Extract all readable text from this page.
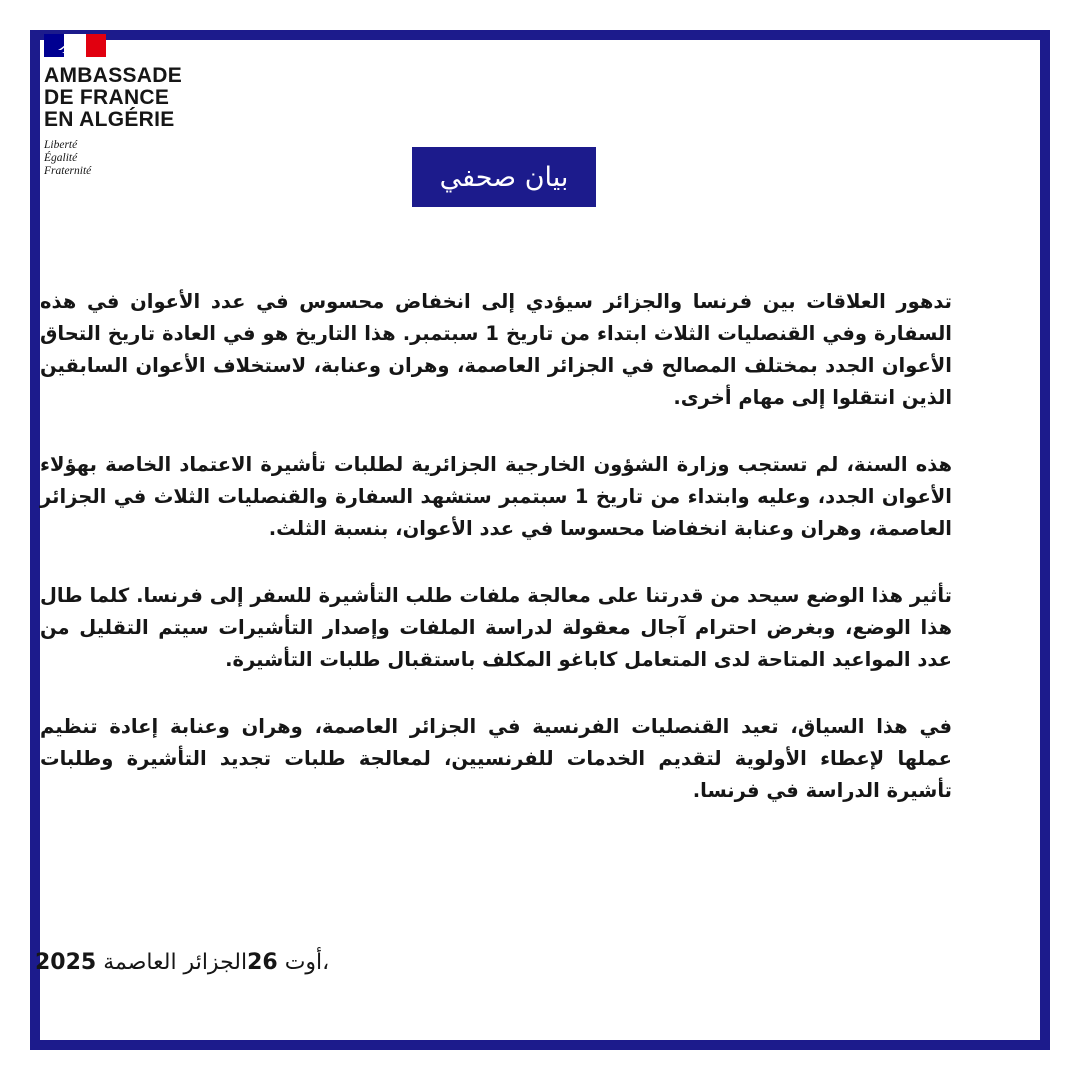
AMBASSADE
DE FRANCE
EN ALGÉRIE
Liberté
Égalité
Fraternité	بيان صحفي

تدهور العلاقات بين فرنسا والجزائر سيؤدي إلى انخفاض محسوس في عدد الأعوان في هذه السفارة وفي القنصليات الثلاث ابتداء من تاريخ 1 سبتمبر. هذا التاريخ هو في العادة تاريخ التحاق الأعوان الجدد بمختلف المصالح في الجزائر العاصمة، وهران وعنابة، لاستخلاف الأعوان السابقين الذين انتقلوا إلى مهام أخرى.

هذه السنة، لم تستجب وزارة الشؤون الخارجية الجزائرية لطلبات تأشيرة الاعتماد الخاصة بهؤلاء الأعوان الجدد، وعليه وابتداء من تاريخ 1 سبتمبر ستشهد السفارة والقنصليات الثلاث في الجزائر العاصمة، وهران وعنابة انخفاضا محسوسا في عدد الأعوان، بنسبة الثلث.

تأثير هذا الوضع سيحد من قدرتنا على معالجة ملفات طلب التأشيرة للسفر إلى فرنسا. كلما طال هذا الوضع، وبغرض احترام آجال معقولة لدراسة الملفات وإصدار التأشيرات سيتم التقليل من عدد المواعيد المتاحة لدى المتعامل كاباغو المكلف باستقبال طلبات التأشيرة.

في هذا السياق، تعيد القنصليات الفرنسية في الجزائر العاصمة، وهران وعنابة إعادة تنظيم عملها لإعطاء الأولوية لتقديم الخدمات للفرنسيين، لمعالجة طلبات تجديد التأشيرة وطلبات تأشيرة الدراسة في فرنسا.

2025	أوت 26الجزائر العاصمة،
